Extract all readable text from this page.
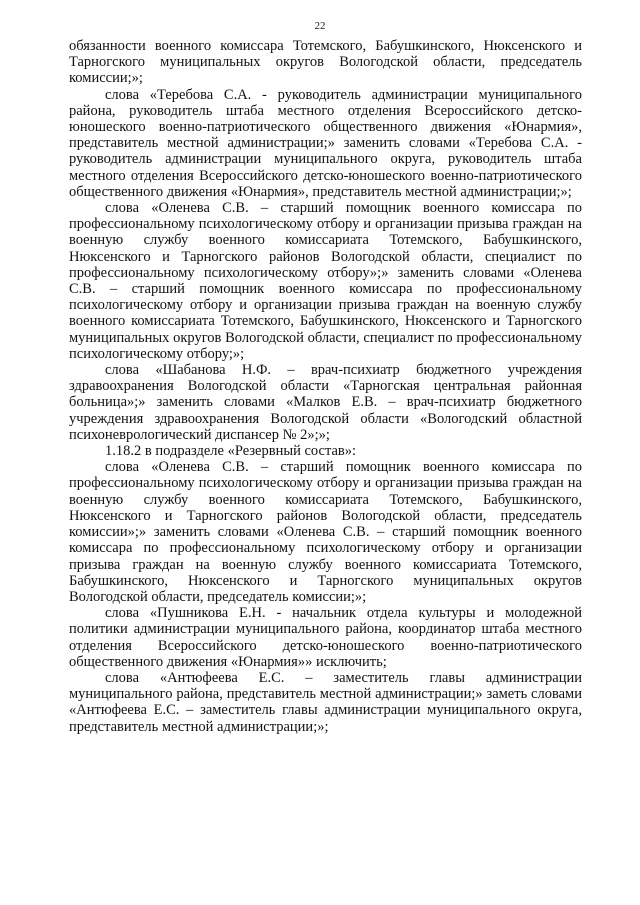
22

обязанности военного комиссара Тотемского, Бабушкинского, Нюксенского и Тарногского муниципальных округов Вологодской области, председатель комиссии;»;

слова «Теребова С.А. - руководитель администрации муниципального района, руководитель штаба местного отделения Всероссийского детско-юношеского военно-патриотического общественного движения «Юнармия», представитель местной администрации;» заменить словами «Теребова С.А. - руководитель администрации муниципального округа, руководитель штаба местного отделения Всероссийского детско-юношеского военно-патриотического общественного движения «Юнармия», представитель местной администрации;»;

слова «Оленева С.В. – старший помощник военного комиссара по профессиональному психологическому отбору и организации призыва граждан на военную службу военного комиссариата Тотемского, Бабушкинского, Нюксенского и Тарногского районов Вологодской области, специалист по профессиональному психологическому отбору»;» заменить словами «Оленева С.В. – старший помощник военного комиссара по профессиональному психологическому отбору и организации призыва граждан на военную службу военного комиссариата Тотемского, Бабушкинского, Нюксенского и Тарногского муниципальных округов Вологодской области, специалист по профессиональному психологическому отбору;»;

слова «Шабанова Н.Ф. – врач-психиатр бюджетного учреждения здравоохранения Вологодской области «Тарногская центральная районная больница»;» заменить словами «Малков Е.В. – врач-психиатр бюджетного учреждения здравоохранения Вологодской области «Вологодский областной психоневрологический диспансер № 2»;»;

1.18.2 в подразделе «Резервный состав»:

слова «Оленева С.В. – старший помощник военного комиссара по профессиональному психологическому отбору и организации призыва граждан на военную службу военного комиссариата Тотемского, Бабушкинского, Нюксенского и Тарногского районов Вологодской области, председатель комиссии»;» заменить словами «Оленева С.В. – старший помощник военного комиссара по профессиональному психологическому отбору и организации призыва граждан на военную службу военного комиссариата Тотемского, Бабушкинского, Нюксенского и Тарногского муниципальных округов Вологодской области, председатель комиссии;»;

слова «Пушникова Е.Н. - начальник отдела культуры и молодежной политики администрации муниципального района, координатор штаба местного отделения Всероссийского детско-юношеского военно-патриотического общественного движения «Юнармия»» исключить;

слова «Антюфеева Е.С. – заместитель главы администрации муниципального района, представитель местной администрации;» заметь словами «Антюфеева Е.С. – заместитель главы администрации муниципального округа, представитель местной администрации;»;
